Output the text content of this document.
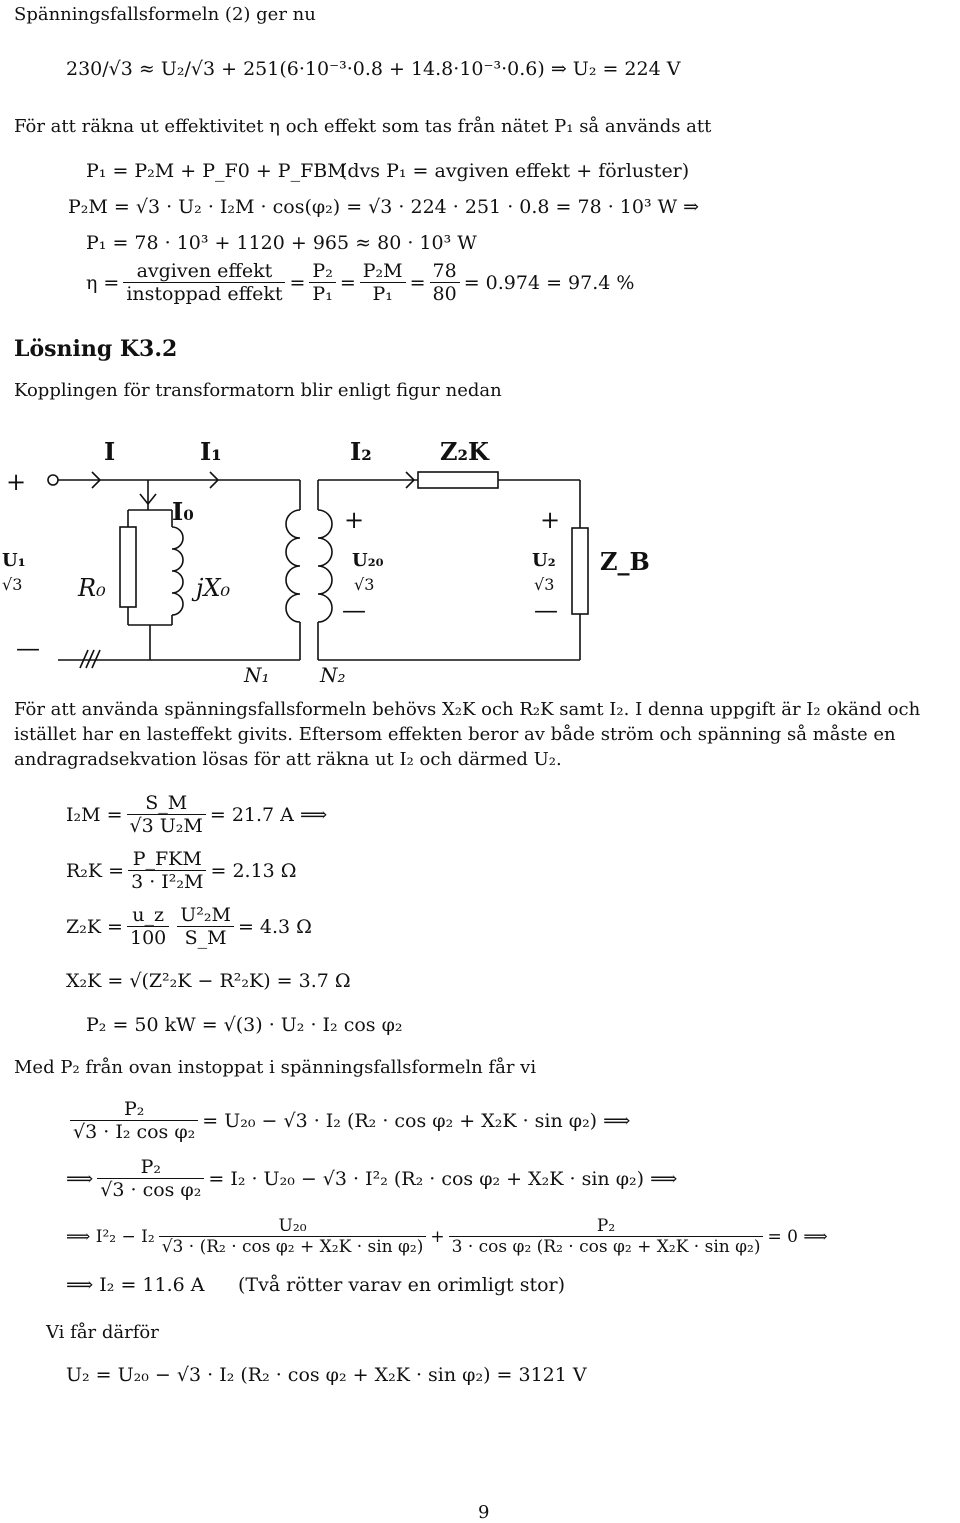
Spänningsfallsformeln (2) ger nu
230/√3 ≈ U₂/√3 + 251(6·10⁻³·0.8 + 14.8·10⁻³·0.6) ⇒ U₂ = 224 V
För att räkna ut effektivitet η och effekt som tas från nätet P₁ så används att
P₁ = P₂M + P_F0 + P_FBM
(dvs P₁ = avgiven effekt + förluster)
P₂M = √3 · U₂ · I₂M · cos(φ₂) = √3 · 224 · 251 · 0.8 = 78 · 10³ W ⇒
P₁ = 78 · 10³ + 1120 + 965 ≈ 80 · 10³ W
$\eta = \frac{\text{avgiven effekt}}{\text{instoppad effekt}} = \frac{\text{P₂}}{\text{P₁}} = \frac{\text{P₂M}}{\text{P₁}} = \frac{78}{80} = 0.974 = 97.4$ %
Lösning K3.2
Kopplingen för transformatorn blir enligt figur nedan
+
—
I	I₁	I₂	Z₂K
I₀
U₁
√3 R₀	jX₀
+
U₂₀
√3
—
+
U₂
√3
—
Z_B
N₁	N₂
För att använda spänningsfallsformeln behövs X₂K och R₂K samt I₂. I denna uppgift är I₂ okänd och istället har en lasteffekt givits. Eftersom effekten beror av både ström och spänning så måste en andragradsekvation lösas för att räkna ut I₂ och därmed U₂.
$I_2M = \frac{S\_M}{\text{√3 U₂M}} = 21.7$ A ⟹
$R_2K = \frac{\text{P\_FKM}}{\text{3 · I²₂M}} = 2.13$ Ω
$Z_2K = \frac{u\_z}{100} \frac{\text{U²₂M}}{S\_M} = 4.3$ Ω
X₂K = √(Z²₂K − R²₂K) = 3.7 Ω
P₂ = 50 kW = √(3) · U₂ · I₂ cos φ₂
Med P₂ från ovan instoppat i spänningsfallsformeln får vi
$\frac{\text{P₂}}{\text{√3 · I₂ cos φ₂}} = U_{20} - √3 \cdot I_2$ (R₂ · cos φ₂ + X₂K · sin φ₂) ⟹
⟹ $\frac{\text{P₂}}{\text{√3 · cos φ₂}} = I_2 \cdot U_{20} - √3 \cdot I^2_2$ (R₂ · cos φ₂ + X₂K · sin φ₂) ⟹
⟹ $I^2_2 - I_2 \frac{\text{U₂₀}}{\text{√3 · (R₂ · cos φ₂ + X₂K · sin φ₂)}} + \frac{\text{P₂}}{\text{3 · cos φ₂ (R₂ · cos φ₂ + X₂K · sin φ₂)}} = 0$ ⟹
⟹ I₂ = 11.6 A (Två rötter varav en orimligt stor)
Vi får därför
U₂ = U₂₀ − √3 · I₂ (R₂ · cos φ₂ + X₂K · sin φ₂) = 3121 V
9
